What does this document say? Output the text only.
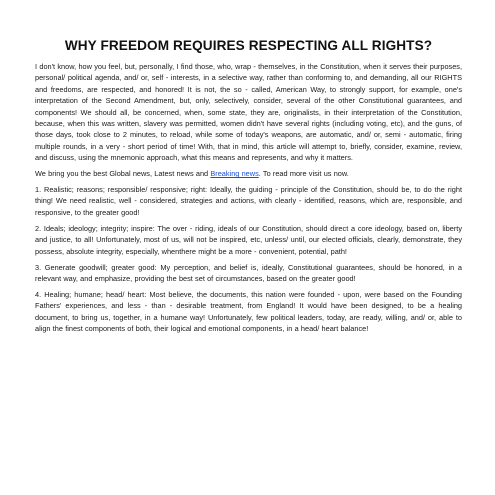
WHY FREEDOM REQUIRES RESPECTING ALL RIGHTS?

I don't know, how you feel, but, personally, I find those, who, wrap - themselves, in the Constitution, when it serves their purposes, personal/ political agenda, and/ or, self - interests, in a selective way, rather than conforming to, and demanding, all our RIGHTS and freedoms, are respected, and honored! It is not, the so - called, American Way, to strongly support, for example, one's interpretation of the Second Amendment, but, only, selectively, consider, several of the other Constitutional guarantees, and components! We should all, be concerned, when, some state, they are, originalists, in their interpretation of the Constitution, because, when this was written, slavery was permitted, women didn't have several rights (including voting, etc), and the guns, of those days, took close to 2 minutes, to reload, while some of today's weapons, are automatic, and/ or, semi - automatic, firing multiple rounds, in a very - short period of time! With, that in mind, this article will attempt to, briefly, consider, examine, review, and discuss, using the mnemonic approach, what this means and represents, and why it matters.

We bring you the best Global news, Latest news and Breaking news. To read more visit us now.

1. Realistic; reasons; responsible/ responsive; right: Ideally, the guiding - principle of the Constitution, should be, to do the right thing! We need realistic, well - considered, strategies and actions, with clearly - identified, reasons, which are, responsible, and responsive, to the greater good!

2. Ideals; ideology; integrity; inspire: The over - riding, ideals of our Constitution, should direct a core ideology, based on, liberty and justice, to all! Unfortunately, most of us, will not be inspired, etc, unless/ until, our elected officials, clearly, demonstrate, they possess, absolute integrity, especially, whenthere might be a more - convenient, potential, path!

3. Generate goodwill; greater good: My perception, and belief is, ideally, Constitutional guarantees, should be honored, in a relevant way, and emphasize, providing the best set of circumstances, based on the greater good!

4. Healing; humane; head/ heart: Most believe, the documents, this nation were founded - upon, were based on the Founding Fathers' experiences, and less - than - desirable treatment, from England! It would have been designed, to be a healing document, to bring us, together, in a humane way! Unfortunately, few political leaders, today, are ready, willing, and/ or, able to align the finest components of both, their logical and emotional components, in a head/ heart balance!
